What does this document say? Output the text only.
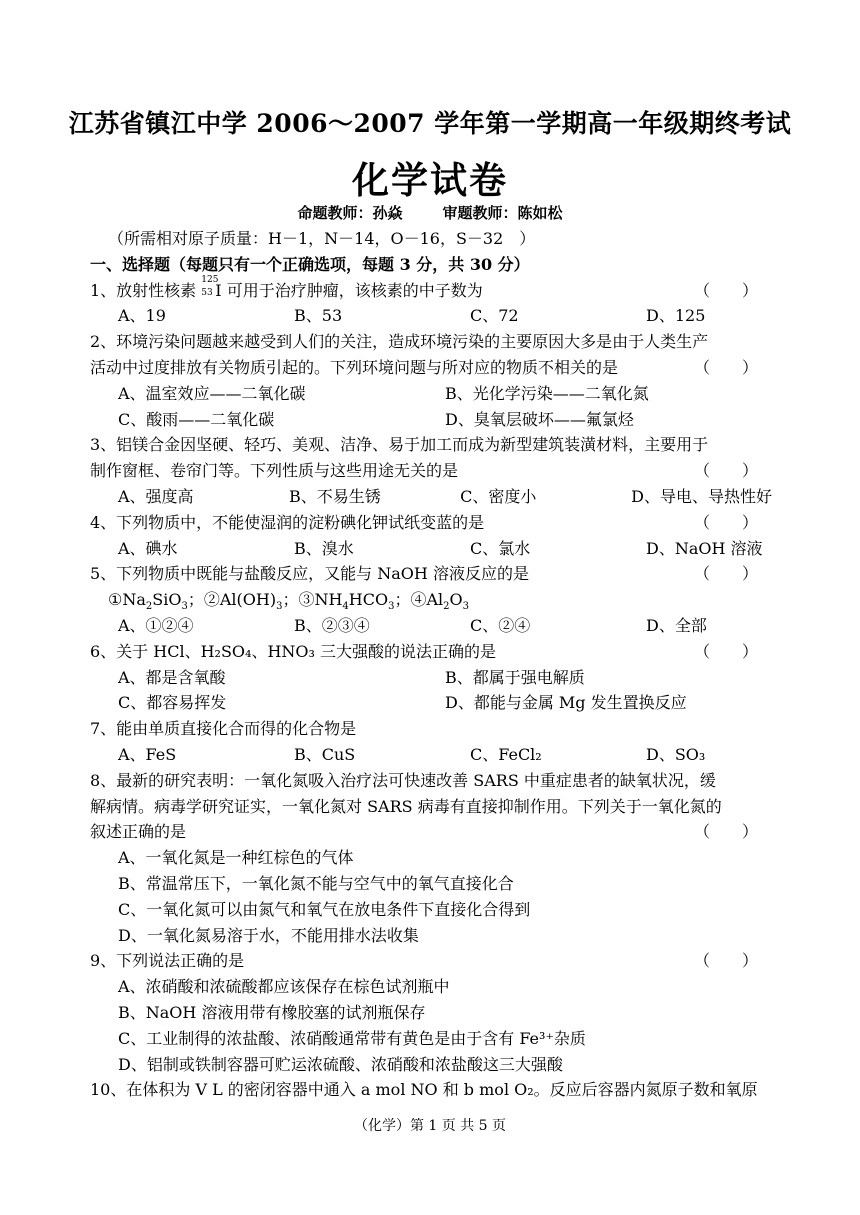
江苏省镇江中学 2006～2007 学年第一学期高一年级期终考试
化学试卷
命题教师：孙焱	审题教师：陈如松
（所需相对原子质量：H－1，N－14，O－16，S－32　）
一、选择题（每题只有一个正确选项，每题 3 分，共 30 分）
1、放射性核素
125
53 I 可用于治疗肿瘤，该核素的中子数为	（　　）
A、19	B、53	C、72	D、125
2、环境污染问题越来越受到人们的关注，造成环境污染的主要原因大多是由于人类生产
活动中过度排放有关物质引起的。下列环境问题与所对应的物质不相关的是	（　　）
A、温室效应——二氧化碳	B、光化学污染——二氧化氮
C、酸雨——二氧化碳	D、臭氧层破坏——氟氯烃
3、铝镁合金因坚硬、轻巧、美观、洁净、易于加工而成为新型建筑装潢材料，主要用于
制作窗框、卷帘门等。下列性质与这些用途无关的是	（　　）
A、强度高	B、不易生锈	C、密度小	D、导电、导热性好
4、下列物质中，不能使湿润的淀粉碘化钾试纸变蓝的是	（　　）
A、碘水	B、溴水	C、氯水	D、NaOH 溶液
5、下列物质中既能与盐酸反应，又能与 NaOH 溶液反应的是	（　　）
$①Na_2SiO_3$；$②Al(OH)_3$；$③NH_4HCO_3$；$④Al_2O_3$
A、①②④	B、②③④	C、②④	D、全部
6、关于 HCl、H₂SO₄、HNO₃ 三大强酸的说法正确的是	（　　）
A、都是含氧酸	B、都属于强电解质
C、都容易挥发	D、都能与金属 Mg 发生置换反应
7、能由单质直接化合而得的化合物是
A、FeS	B、CuS	C、FeCl₂	D、SO₃
8、最新的研究表明：一氧化氮吸入治疗法可快速改善 SARS 中重症患者的缺氧状况，缓
解病情。病毒学研究证实，一氧化氮对 SARS 病毒有直接抑制作用。下列关于一氧化氮的
叙述正确的是	（　　）
A、一氧化氮是一种红棕色的气体
B、常温常压下，一氧化氮不能与空气中的氧气直接化合
C、一氧化氮可以由氮气和氧气在放电条件下直接化合得到
D、一氧化氮易溶于水，不能用排水法收集
9、下列说法正确的是	（　　）
A、浓硝酸和浓硫酸都应该保存在棕色试剂瓶中
B、NaOH 溶液用带有橡胶塞的试剂瓶保存
C、工业制得的浓盐酸、浓硝酸通常带有黄色是由于含有 Fe³⁺杂质
D、铝制或铁制容器可贮运浓硫酸、浓硝酸和浓盐酸这三大强酸
10、在体积为 V L 的密闭容器中通入 a mol NO 和 b mol O₂。反应后容器内氮原子数和氧原
（化学）第 1 页 共 5 页
